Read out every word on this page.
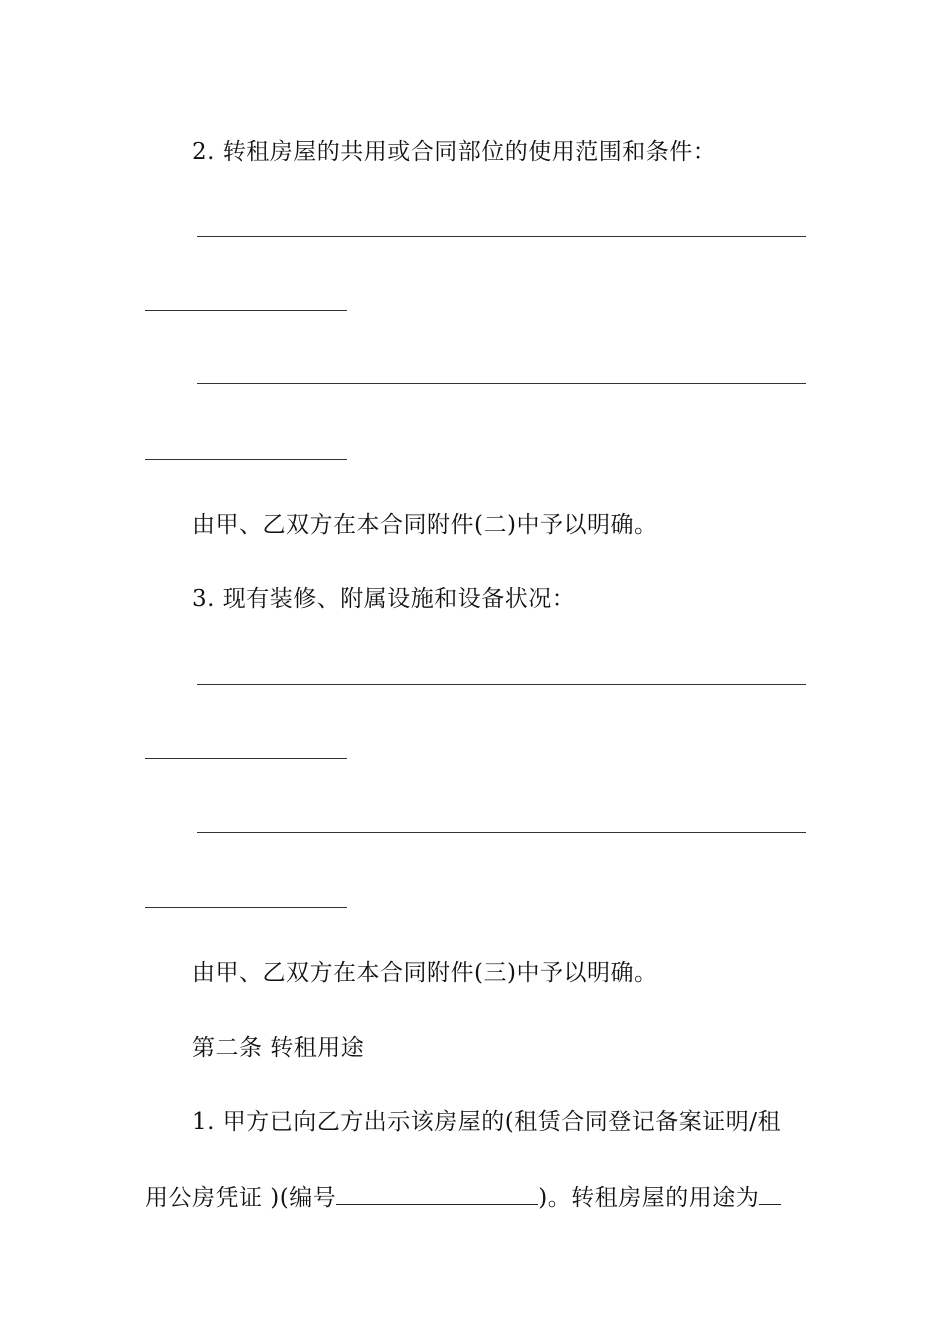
2. 转租房屋的共用或合同部位的使用范围和条件：
由甲、乙双方在本合同附件(二)中予以明确。
3. 现有装修、附属设施和设备状况：
由甲、乙双方在本合同附件(三)中予以明确。
第二条 转租用途
1. 甲方已向乙方出示该房屋的(租赁合同登记备案证明/租
用公房凭证 )(编号	)。转租房屋的用途为
